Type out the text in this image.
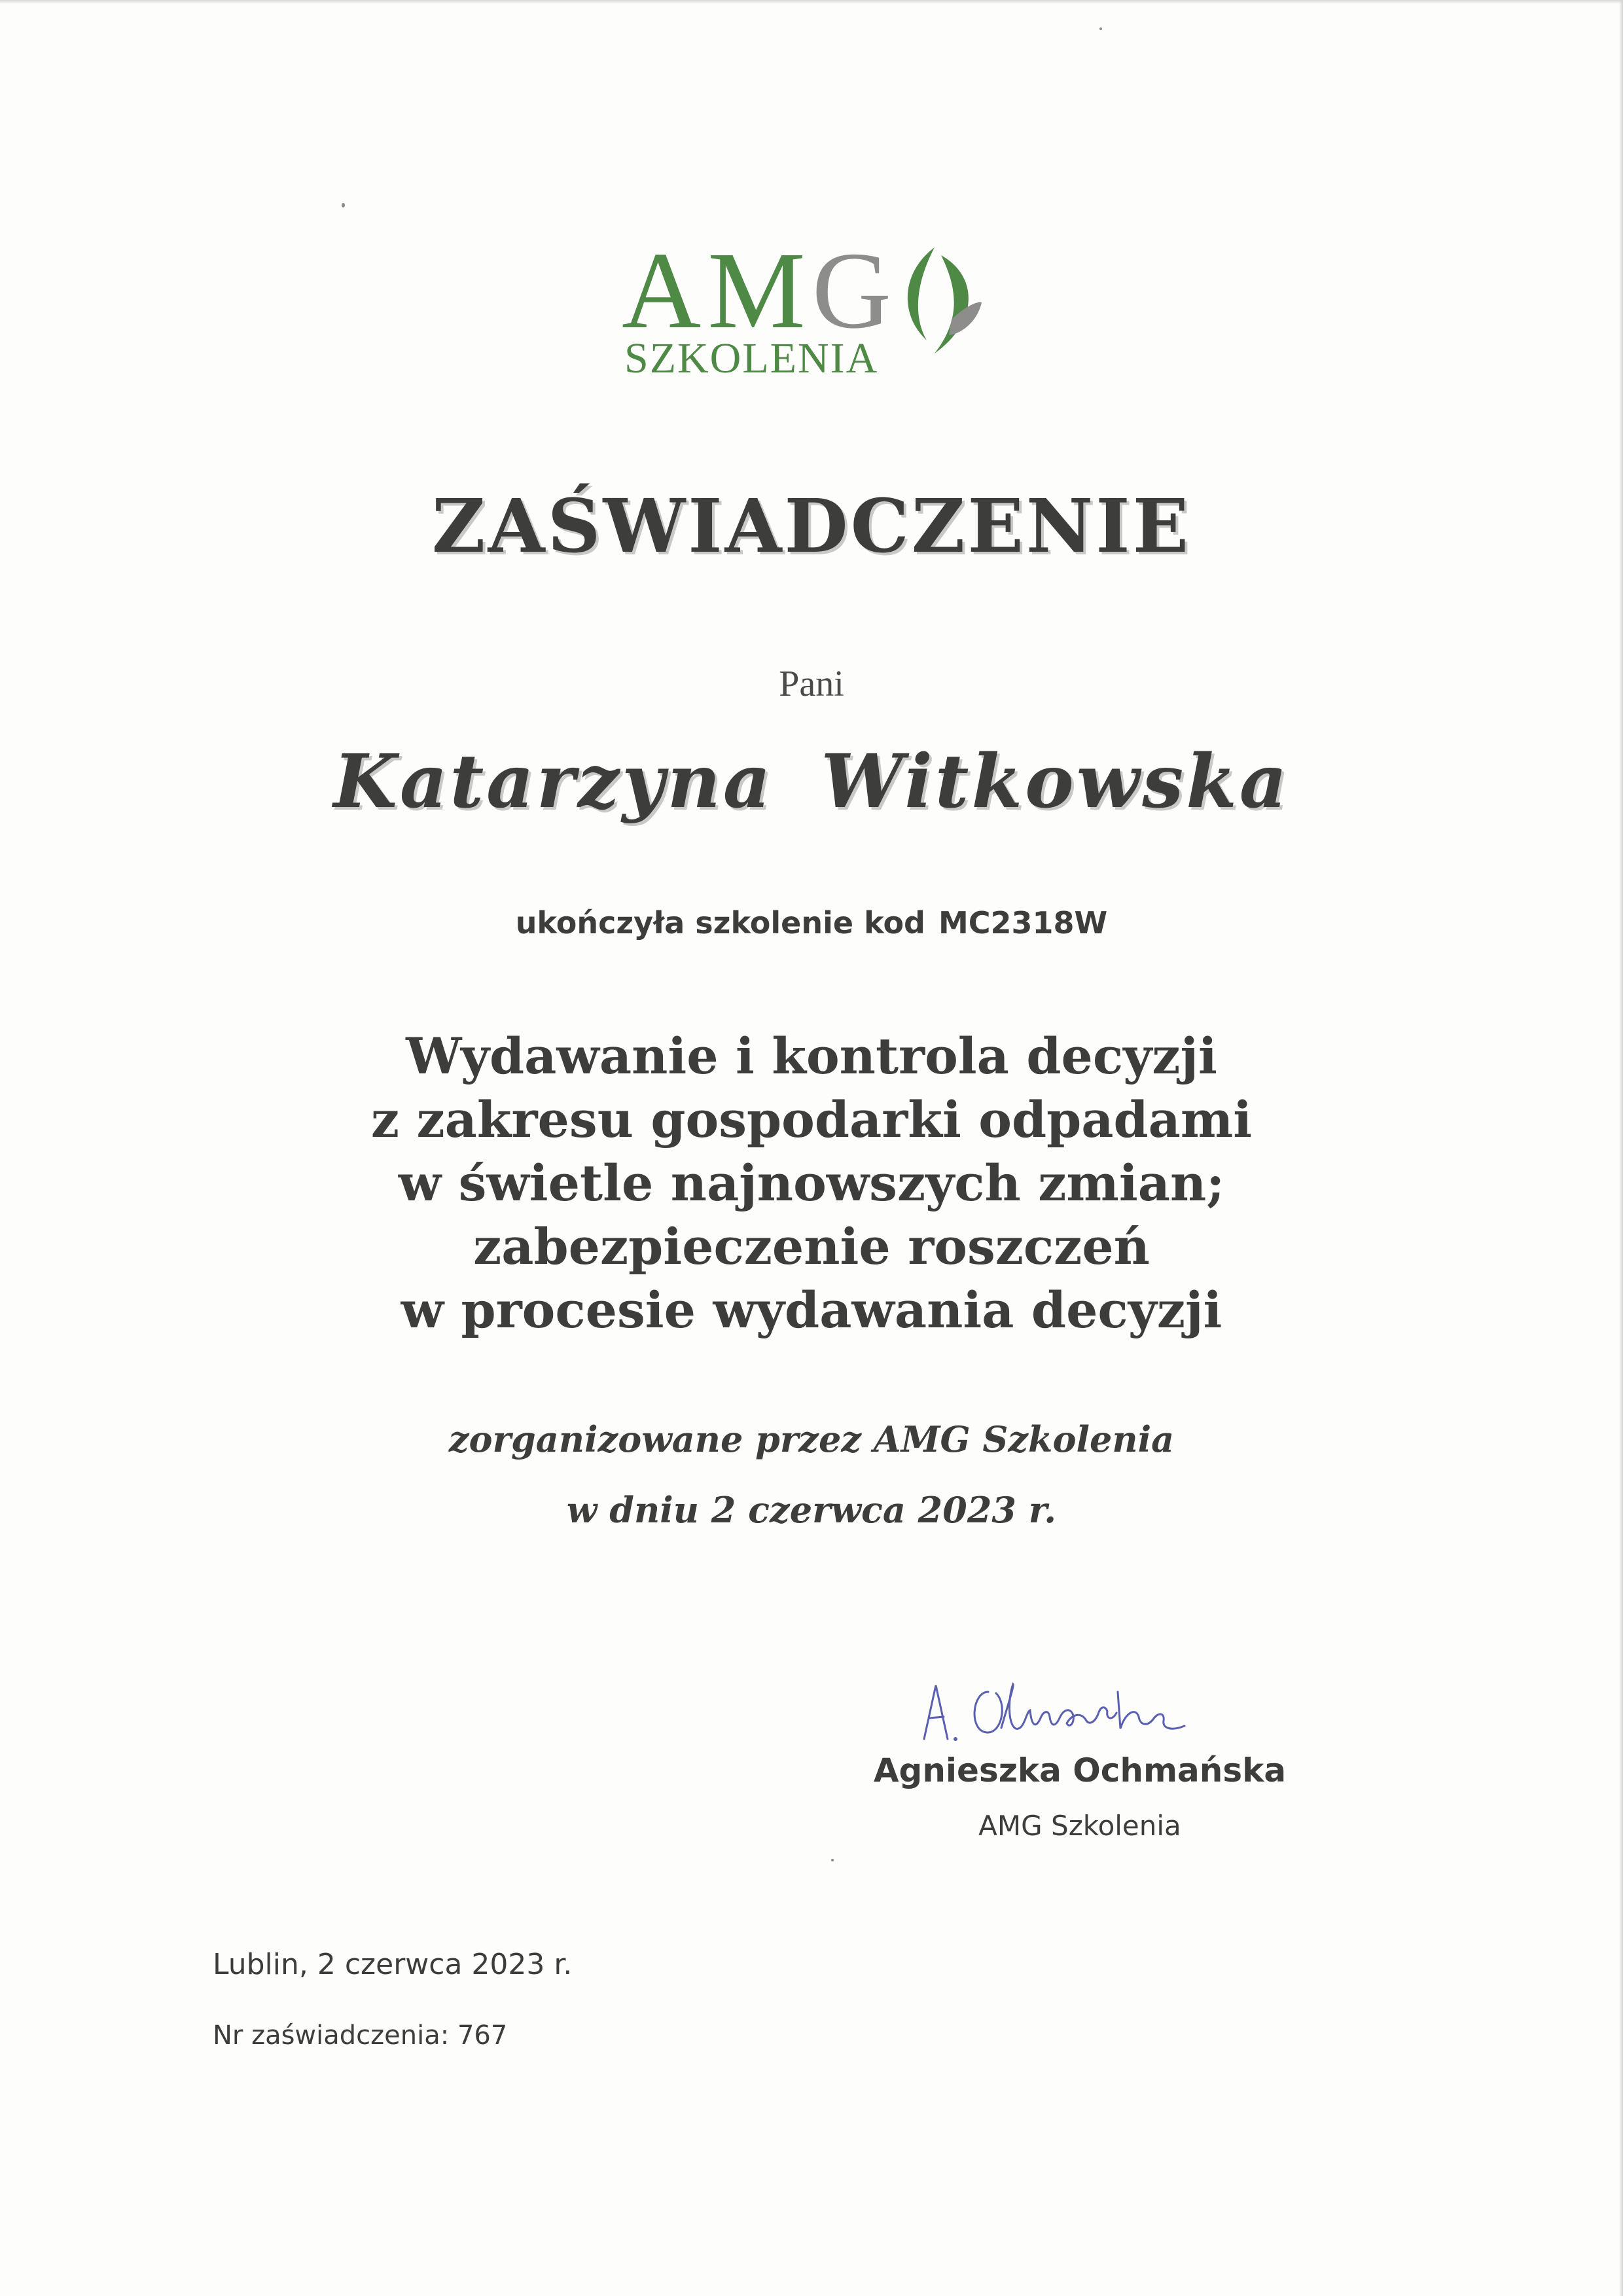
AMG
SZKOLENIA
ZAŚWIADCZENIE
Pani
Katarzyna Witkowska
ukończyła szkolenie kod MC2318W
Wydawanie i kontrola decyzji
z zakresu gospodarki odpadami
w świetle najnowszych zmian;
zabezpieczenie roszczeń
w procesie wydawania decyzji
zorganizowane przez AMG Szkolenia
w dniu 2 czerwca 2023 r.
Agnieszka Ochmańska
AMG Szkolenia
Lublin, 2 czerwca 2023 r.
Nr zaświadczenia: 767
